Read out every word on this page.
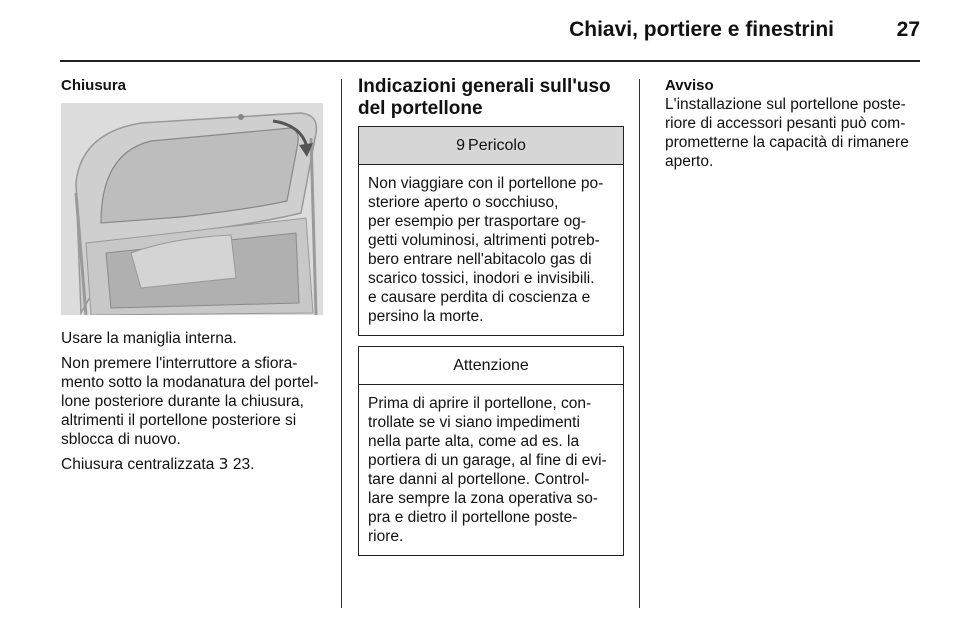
Chiavi, portiere e finestrini	27
Chiusura

Usare la maniglia interna.

Non premere l'interruttore a sfiora-mento sotto la modanatura del portel-lone posteriore durante la chiusura, altrimenti il portellone posteriore si sblocca di nuovo.

Chiusura centralizzata 3 23.

Indicazioni generali sull'uso del portellone
9 Pericolo
Non viaggiare con il portellone po-
steriore aperto o socchiuso,
per esempio per trasportare og-
getti voluminosi, altrimenti potreb-
bero entrare nell'abitacolo gas di
scarico tossici, inodori e invisibili.
e causare perdita di coscienza e
persino la morte.
Attenzione
Prima di aprire il portellone, con-
trollate se vi siano impedimenti
nella parte alta, come ad es. la
portiera di un garage, al fine di evi-
tare danni al portellone. Control-
lare sempre la zona operativa so-
pra e dietro il portellone poste-
riore.
Avviso
L'installazione sul portellone poste-
riore di accessori pesanti può com-
prometterne la capacità di rimanere
aperto.
